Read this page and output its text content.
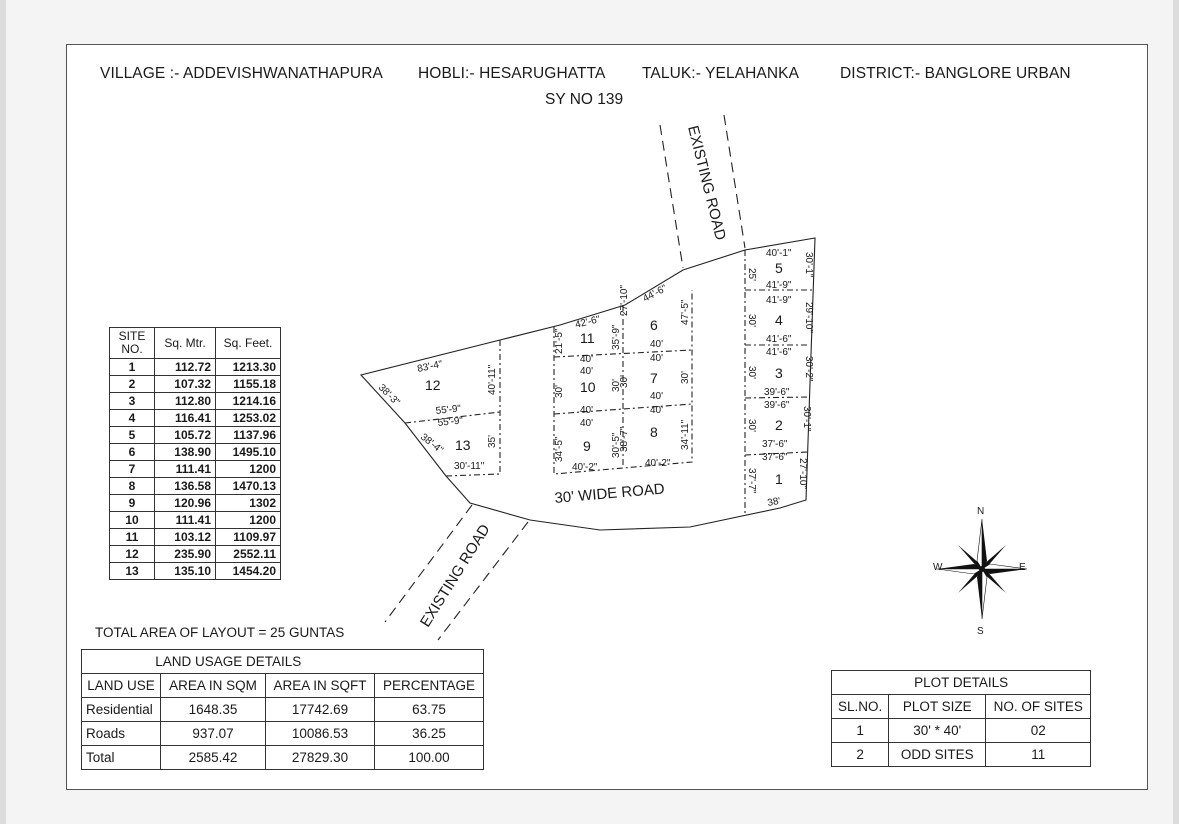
VILLAGE :- ADDEVISHWANATHAPURA HOBLI:- HESARUGHATTA TALUK:- YELAHANKA	DISTRICT:- BANGLORE URBAN
SY NO 139
5
4
3
2
1
6
7
8
11
10
9
12
13
40'-1"
41'-9"
25'	30'-1"
41'-9"
41'-6"
30'	29'-10"
41'-6"
39'-6"
30'	30'-2"
39'-6"
37'-6"
30'	30'-1"
37'-6"
37'-7"	27'-10"
38'
44'-6"
27'-10"	47'-5"
40'
40'
30'	30'
40'
40'
38'-7"	34'-11"
40'-2"
42'-6"
21'-5"	35'-9"
40'
40'
30'	30'
40'
40'
34'-5"	30'-5"
40'-2"
83'-4"
38'-3"
40'-11"
55'-9"
55'-9"
38'-4"	35'
30'-11"
EXISTING ROAD
EXISTING ROAD
30' WIDE ROAD
N
S
E
W
SITE
NO.	Sq. Mtr.	Sq. Feet.
1	112.72	1213.30
2	107.32	1155.18
3	112.80	1214.16
4	116.41	1253.02
5	105.72	1137.96
6	138.90	1495.10
7	111.41	1200
8	136.58	1470.13
9	120.96	1302
10	111.41	1200
11	103.12	1109.97
12	235.90	2552.11
13	135.10	1454.20
TOTAL AREA OF LAYOUT = 25 GUNTAS
LAND USAGE DETAILS			
LAND USE	AREA IN SQM	AREA IN SQFT	PERCENTAGE
Residential	1648.35	17742.69	63.75
Roads	937.07	10086.53	36.25
Total	2585.42	27829.30	100.00
PLOT DETAILS		
SL.NO.	PLOT SIZE	NO. OF SITES
1	30' * 40'	02
2	ODD SITES	11
